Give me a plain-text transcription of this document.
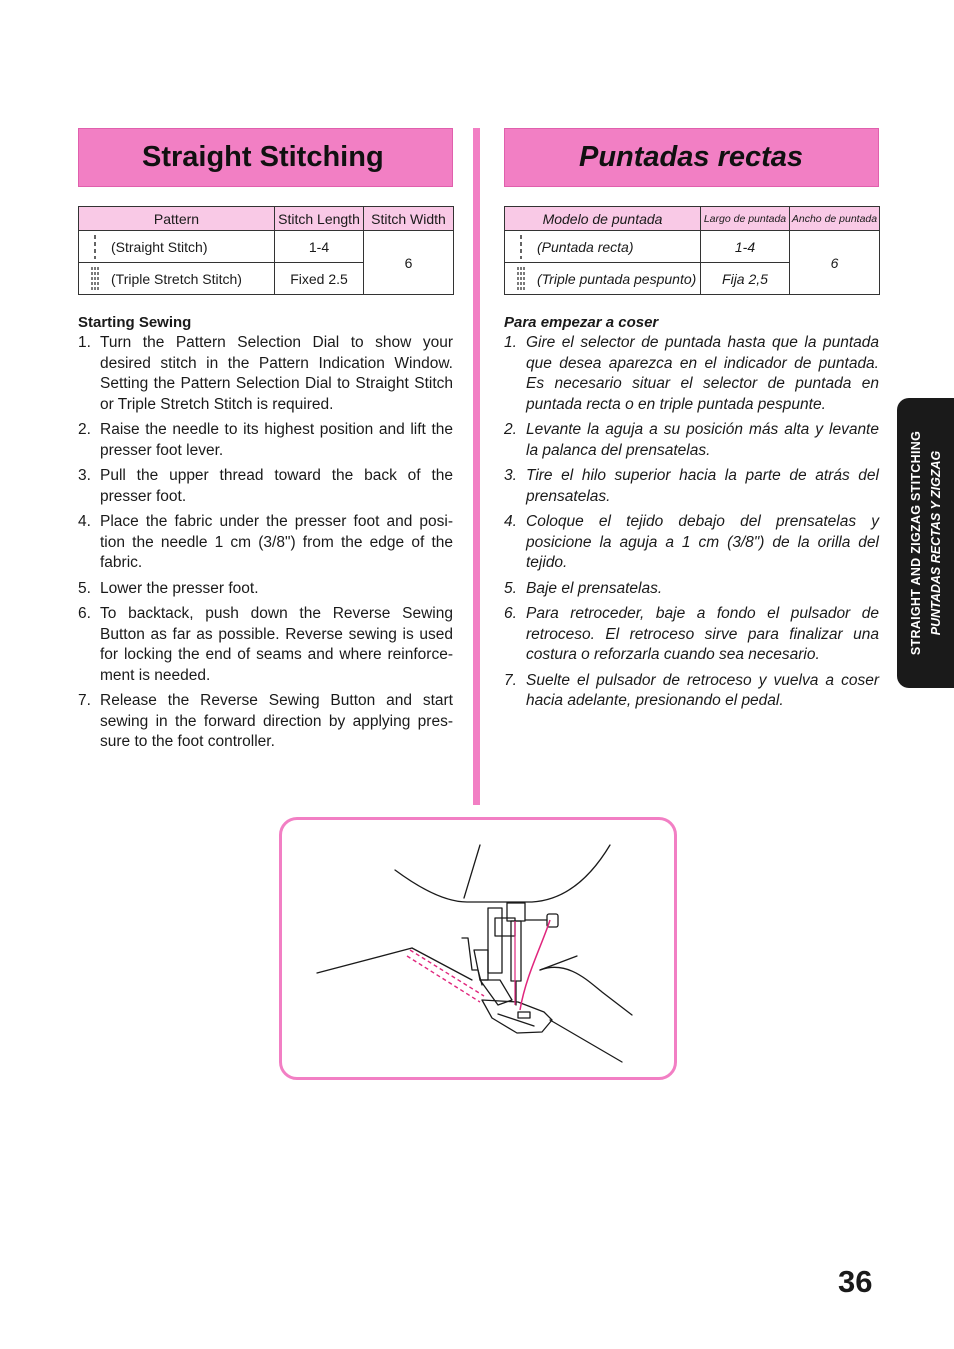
Straight Stitching
Pattern	Stitch Length	Stitch Width

(Straight Stitch)	1-4	6

(Triple Stretch Stitch)	Fixed 2.5	
Starting Sewing
1. Turn the Pattern Selection Dial to show your desired stitch in the Pattern Indication Window. Setting the Pattern Selection Dial to Straight Stitch or Triple Stretch Stitch is required.
2. Raise the needle to its highest position and lift the presser foot lever.
3. Pull the upper thread toward the back of the presser foot.
4. Place the fabric under the presser foot and posi-tion the needle 1 cm (3/8") from the edge of the fabric.
5. Lower the presser foot.
6. To backtack, push down the Reverse Sewing Button as far as possible. Reverse sewing is used for locking the end of seams and where reinforce-ment is needed.
7. Release the Reverse Sewing Button and start sewing in the forward direction by applying pres-sure to the foot controller.
Puntadas rectas
Modelo de puntada	Largo de puntada	Ancho de puntada

(Puntada recta)	1-4	6

(Triple puntada pespunto)	Fija 2,5	
Para empezar a coser
1. Gire el selector de puntada hasta que la puntada que desea aparezca en el indicador de puntada. Es necesario situar el selector de puntada en puntada recta o en triple puntada pespunte.
2. Levante la aguja a su posición más alta y levante la palanca del prensatelas.
3. Tire el hilo superior hacia la parte de atrás del prensatelas.
4. Coloque el tejido debajo del prensatelas y posicione la aguja a 1 cm (3/8") de la orilla del tejido.
5. Baje el prensatelas.
6. Para retroceder, baje a fondo el pulsador de retroceso. El retroceso sirve para finalizar una costura o reforzarla cuando sea necesario.
7. Suelte el pulsador de retroceso y vuelva a coser hacia adelante, presionando el pedal.
STRAIGHT AND ZIGZAG STITCHING PUNTADAS RECTAS Y ZIGZAG
36
